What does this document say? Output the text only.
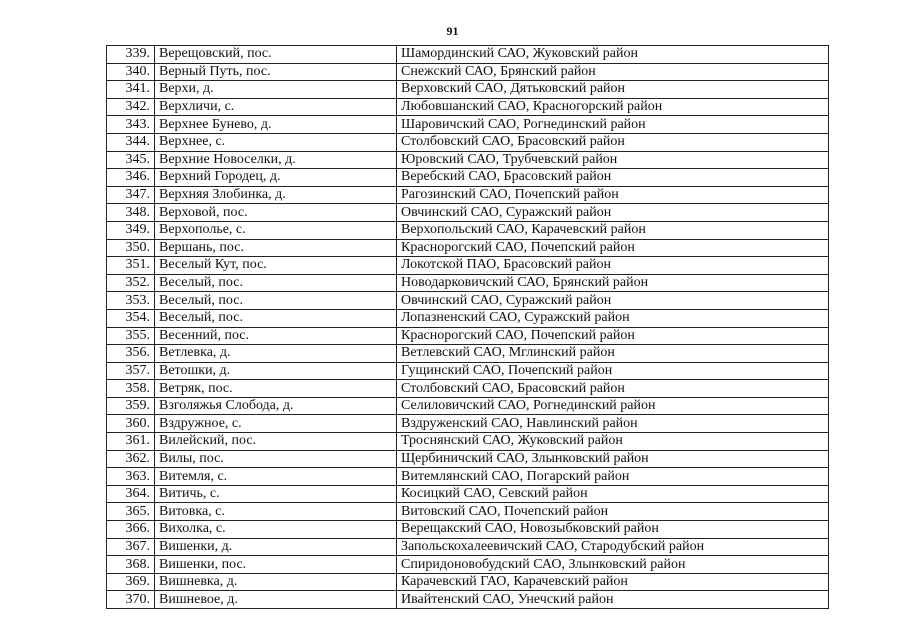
91
339.	Верещовский, пос.	Шамординский САО, Жуковский район
340.	Верный Путь, пос.	Снежский САО, Брянский район
341.	Верхи, д.	Верховский САО, Дятьковский район
342.	Верхличи, с.	Любовшанский САО, Красногорский район
343.	Верхнее Бунево, д.	Шаровичский САО, Рогнединский район
344.	Верхнее, с.	Столбовский САО, Брасовский район
345.	Верхние Новоселки, д.	Юровский САО, Трубчевский район
346.	Верхний Городец, д.	Веребский САО, Брасовский район
347.	Верхняя Злобинка, д.	Рагозинский САО, Почепский район
348.	Верховой, пос.	Овчинский САО, Суражский район
349.	Верхополье, с.	Верхопольский САО, Карачевский район
350.	Вершань, пос.	Краснорогский САО, Почепский район
351.	Веселый Кут, пос.	Локотской ПАО, Брасовский район
352.	Веселый, пос.	Новодарковичский САО, Брянский район
353.	Веселый, пос.	Овчинский САО, Суражский район
354.	Веселый, пос.	Лопазненский САО, Суражский район
355.	Весенний, пос.	Краснорогский САО, Почепский район
356.	Ветлевка, д.	Ветлевский САО, Мглинский район
357.	Ветошки, д.	Гущинский САО, Почепский район
358.	Ветряк, пос.	Столбовский САО, Брасовский район
359.	Взголяжья Слобода, д.	Селиловичский САО, Рогнединский район
360.	Вздружное, с.	Вздруженский САО, Навлинский район
361.	Вилейский, пос.	Троснянский САО, Жуковский район
362.	Вилы, пос.	Щербиничский САО, Злынковский район
363.	Витемля, с.	Витемлянский САО, Погарский район
364.	Витичь, с.	Косицкий САО, Севский район
365.	Витовка, с.	Витовский САО, Почепский район
366.	Вихолка, с.	Верещакский САО, Новозыбковский район
367.	Вишенки, д.	Запольскохалеевичский САО, Стародубский район
368.	Вишенки, пос.	Спиридоновобудский САО, Злынковский район
369.	Вишневка, д.	Карачевский ГАО, Карачевский район
370.	Вишневое, д.	Ивайтенский САО, Унечский район
